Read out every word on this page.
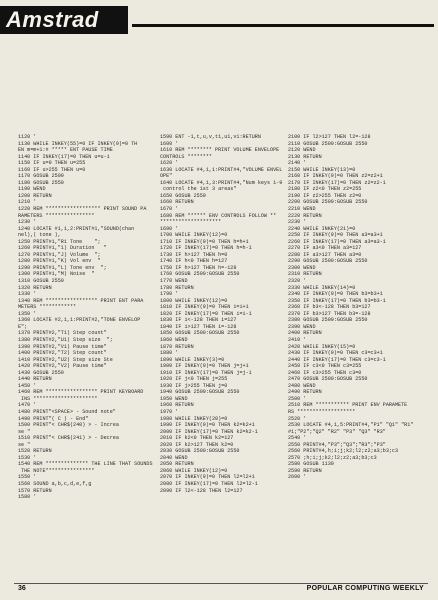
Amstrad
1120 '
1130 WHILE INKEY(55)=0 IF INKEY(9)=0 TH
EN m=m+1:# ***** ENT PAUSE TIME
1140 IF INKEY(17)=0 THEN u=u-1
1150 IF u=0 THEN u=255
1160 IF u>255 THEN u=0
1170 GOSUB 2500
1180 GOSUB 2550
1190 WEND
1200 RETURN
1210 '
1220 REM ****************** PRINT SOUND PA
RAMETERS ****************
1230 '
1240 LOCATE #1,1,2:PRINT#1,"SOUND(chan
nel),( tone ),
1250 PRINT#1,"R1 Tone    ";
1260 PRINT#1,"1) Duration   "
1270 PRINT#1,"J) Volume  ";
1280 PRINT#1,"K) Vol env  "
1290 PRINT#1,"L) Tone env  ";
1300 PRINT#1,"M) Noise  "
1310 GOSUB 2550
1320 RETURN
1330 '
1340 REM ***************** PRINT ENT PARA
METERS ************
1350 '
1360 LOCATE #2,1,1:PRINT#2,"TONE ENVELOP
E";
1370 PRINT#2,"T1) Step count"
1380 PRINT#2,"U1) Step size  ";
1390 PRINT#2,"V1) Pause time"
1400 PRINT#2,"T2) Step count"
1410 PRINT#2,"U2) Step size Ste
1420 PRINT#2,"V2) Pause time"
1430 GOSUB 2550
1440 RETURN
1450 '
1460 REM ***************** PRINT KEYBOARD
INS *********************
1470 '
1480 PRINT"<SPACE> - Sound note"
1490 PRINT"( C ) - End"
1500 PRINT"< CHR$(240) > - Increa
se "
1510 PRINT"< CHR$(241) > - Decrea
se "
1520 RETURN
1530 '
1540 REM ************** THE LINE THAT SOUNDS
THE NOTE****************
1550 '
1560 SOUND a,b,c,d,e,f,g
1570 RETURN
1580 '
1590 ENT -1,t,u,v,t1,u1,v1:RETURN
1600 '
1610 REM ******** PRINT VOLUME ENVELOPE
CONTROLS ********
1620 '
1630 LOCATE #4,1,1:PRINT#4,"VOLUME ENVEL
OPE"
1640 LOCATE #4,1,3:PRINT#4,"Num keys 1-9
control the 1st 3 areas"
1650 GOSUB 2550
1660 RETURN
1670 '
1680 REM ****** ENV CONTROLS FOLLOW **
********************
1690 '
1700 WHILE INKEY(12)=0
1710 IF INKEY(9)=0 THEN h=h+1
1720 IF INKEY(17)=0 THEN h=h-1
1730 IF h>127 THEN h=0
1740 IF h<0 THEN h=127
1750 IF h>127 THEN h=-128
1760 GOSUB 2500:GOSUB 2550
1770 WEND
1780 RETURN
1790 '
1800 WHILE INKEY(12)=0
1810 IF INKEY(9)=0 THEN i=i+1
1820 IF INKEY(17)=0 THEN i=i-1
1830 IF i<-128 THEN i=127
1840 IF i>127 THEN i=-128
1850 GOSUB 2500:GOSUB 2550
1860 WEND
1870 RETURN
1880 '
1890 WHILE INKEY(3)=0
1900 IF INKEY(9)=0 THEN j=j+1
1910 IF INKEY(17)=0 THEN j=j-1
1920 IF j<0 THEN j=255
1930 IF j>255 THEN j=0
1940 GOSUB 2500:GOSUB 2550
1950 WEND
1960 RETURN
1970 '
1980 WHILE INKEY(20)=0
1990 IF INKEY(9)=0 THEN k2=k2+1
2000 IF INKEY(17)=0 THEN k2=k2-1
2010 IF k2<0 THEN k2=127
2020 IF k2>127 THEN k2=0
2030 GOSUB 2500:GOSUB 2550
2040 WEND
2050 RETURN
2060 WHILE INKEY(12)=0
2070 IF INKEY(9)=0 THEN l2=l2+1
2080 IF INKEY(17)=0 THEN l2=l2-1
2090 IF l2<-128 THEN l2=127
2100 IF l2>127 THEN l2=-128
2110 GOSUB 2500:GOSUB 2550
2120 WEND
2130 RETURN
2140 '
2150 WHILE INKEY(13)=0
2160 IF INKEY(9)=0 THEN z2=z2+1
2170 IF INKEY(17)=0 THEN z2=z2-1
2180 IF z2<0 THEN z2=255
2190 IF z2>255 THEN z2=0
2200 GOSUB 2500:GOSUB 2550
2210 WEND
2220 RETURN
2230 '
2240 WHILE INKEY(21)=0
2250 IF INKEY(9)=0 THEN a3=a3+1
2260 IF INKEY(17)=0 THEN a3=a3-1
2270 IF a3<0 THEN a3=127
2280 IF a3>127 THEN a3=0
2290 GOSUB 2500:GOSUB 2550
2300 WEND
2310 RETURN
2320 '
2330 WHILE INKEY(14)=0
2340 IF INKEY(9)=0 THEN b3=b3+1
2350 IF INKEY(17)=0 THEN b3=b3-1
2360 IF b3<-128 THEN b3=127
2370 IF b3>127 THEN b3=-128
2380 GOSUB 2500:GOSUB 2550
2390 WEND
2400 RETURN
2410 '
2420 WHILE INKEY(15)=0
2430 IF INKEY(9)=0 THEN c3=c3+1
2440 IF INKEY(17)=0 THEN c3=c3-1
2450 IF c3<0 THEN c3=255
2460 IF c3>255 THEN c3=0
2470 GOSUB 2500:GOSUB 2550
2480 WEND
2490 RETURN
2500 '
2510 REM *********** PRINT ENV PARAMETE
RS *******************
2520 '
2530 LOCATE #4,1,5:PRINT#4,"P1" "Q1" "R1"
#1;"P2";"Q2" "R2" "P3" "Q3" "R3"
2540 '
2550 PRINT#4,"P3";"Q3";"R3";"P3"
2560 PRINT#4,h;i;j;k2;l2;z2;a3;b3;c3
2570 ;h;i;j;k2;l2;z2;a3;b3;c3
2580 GOSUB 1130
2590 RETURN
2600 '
36	POPULAR COMPUTING WEEKLY
